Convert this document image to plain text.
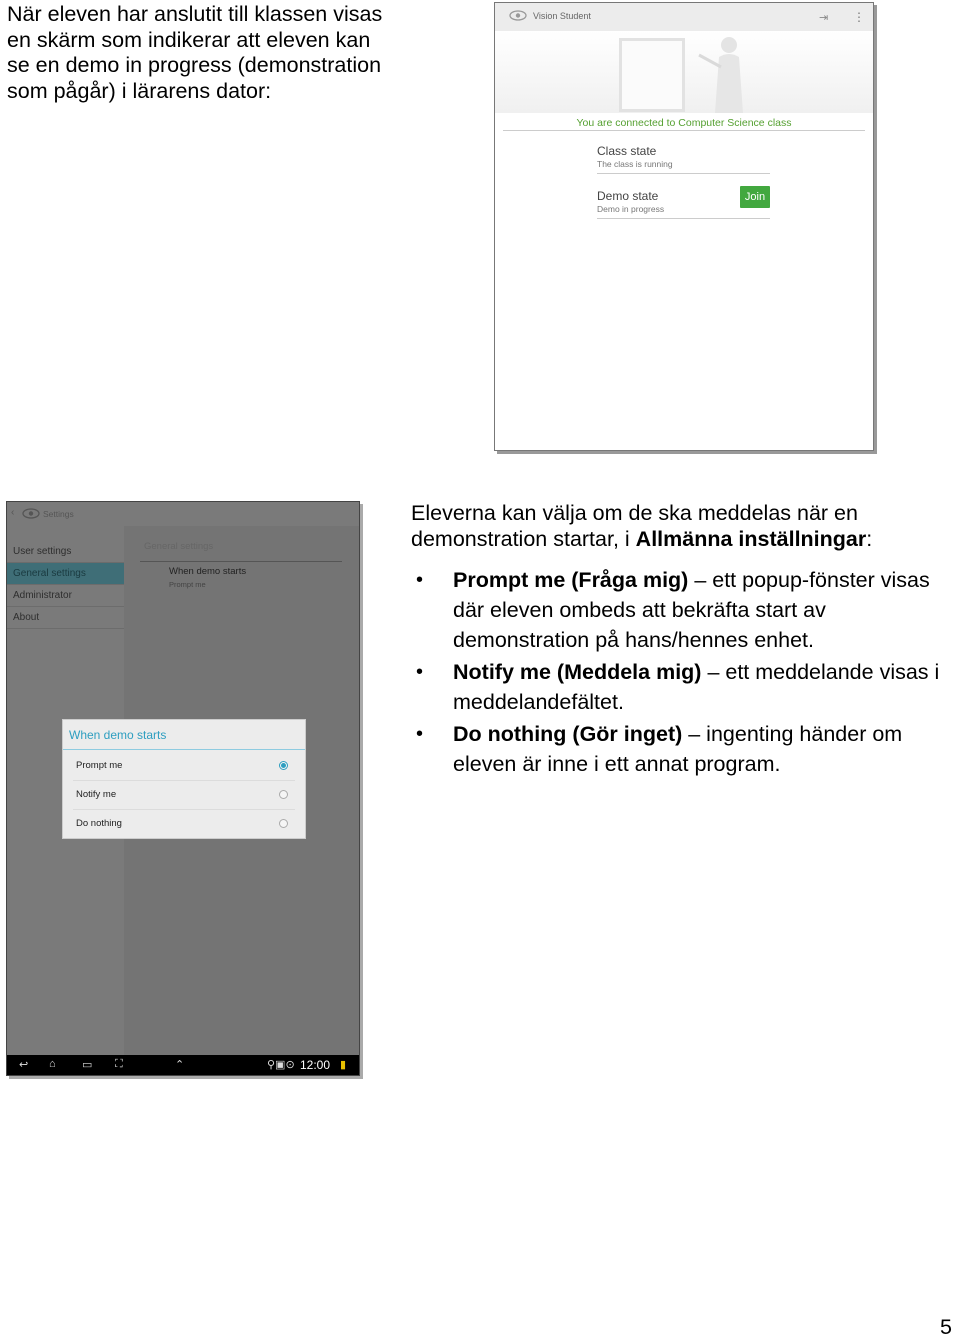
När eleven har anslutit till klassen visas en skärm som indikerar att eleven kan se en demo in progress (demonstration som pågår) i lärarens dator:

Vision Student	⇥ ⋮
You are connected to Computer Science class
Class state
The class is running
Demo state
Demo in progress
Join
‹	Settings
User settings
General settings
Administrator
About
General settings
When demo starts
Prompt me
When demo starts
Prompt me
Notify me
Do nothing
↩ ⌂ ▭ ⛶	⌃	⚲▣⊙ 12:00 ▮

Eleverna kan välja om de ska meddelas när en demonstration startar, i Allmänna inställningar:

• Prompt me (Fråga mig) – ett popup-fönster visas där eleven ombeds att bekräfta start av demonstration på hans/hennes enhet.
• Notify me (Meddela mig) – ett meddelande visas i meddelandefältet.
• Do nothing (Gör inget) – ingenting händer om eleven är inne i ett annat program.
5
